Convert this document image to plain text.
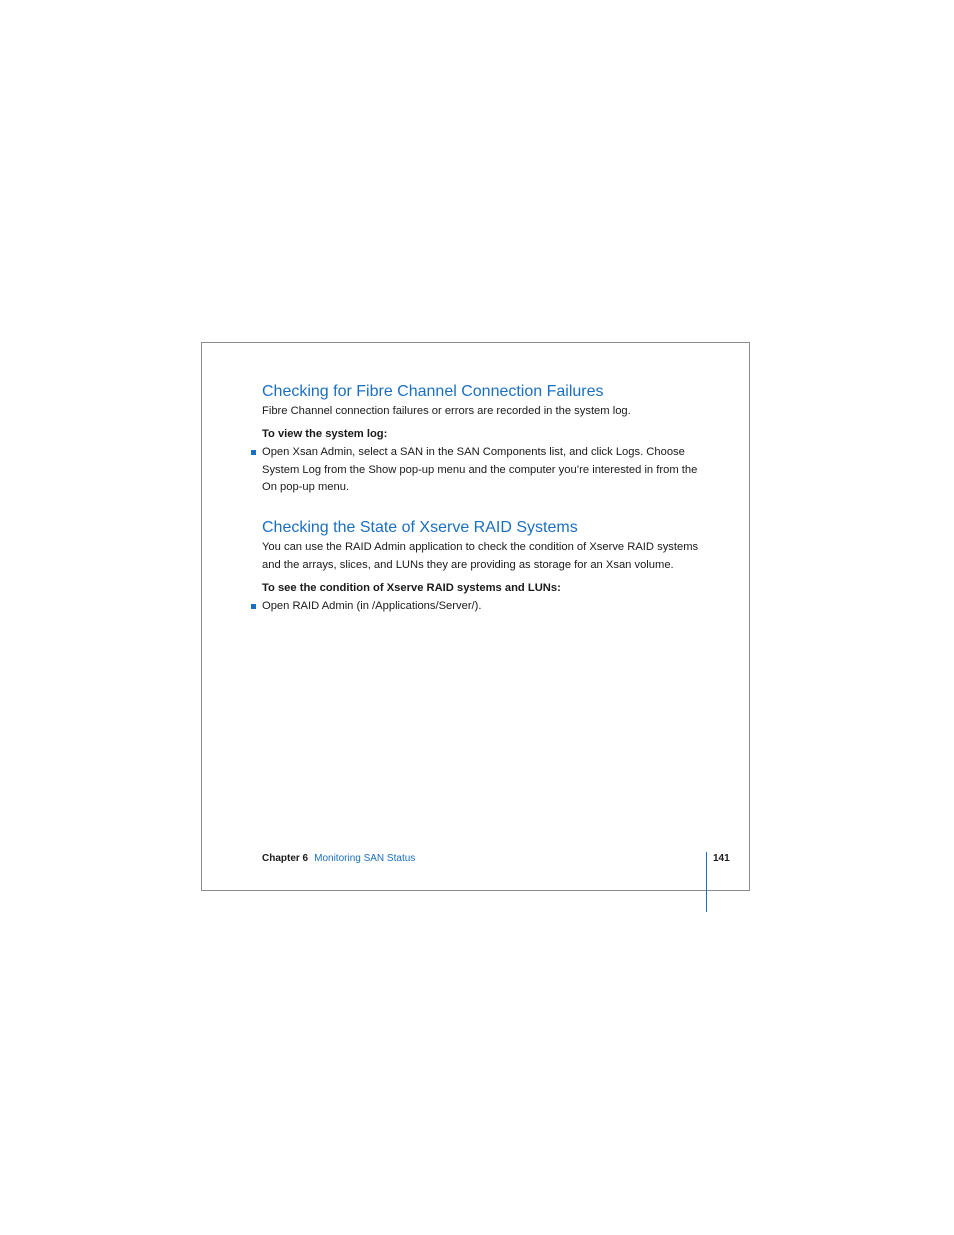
Checking for Fibre Channel Connection Failures

Fibre Channel connection failures or errors are recorded in the system log.

To view the system log:

Open Xsan Admin, select a SAN in the SAN Components list, and click Logs. Choose System Log from the Show pop-up menu and the computer you’re interested in from the On pop-up menu.

Checking the State of Xserve RAID Systems

You can use the RAID Admin application to check the condition of Xserve RAID systems and the arrays, slices, and LUNs they are providing as storage for an Xsan volume.

To see the condition of Xserve RAID systems and LUNs:

Open RAID Admin (in /Applications/Server/).

Chapter 6 Monitoring SAN Status	141
